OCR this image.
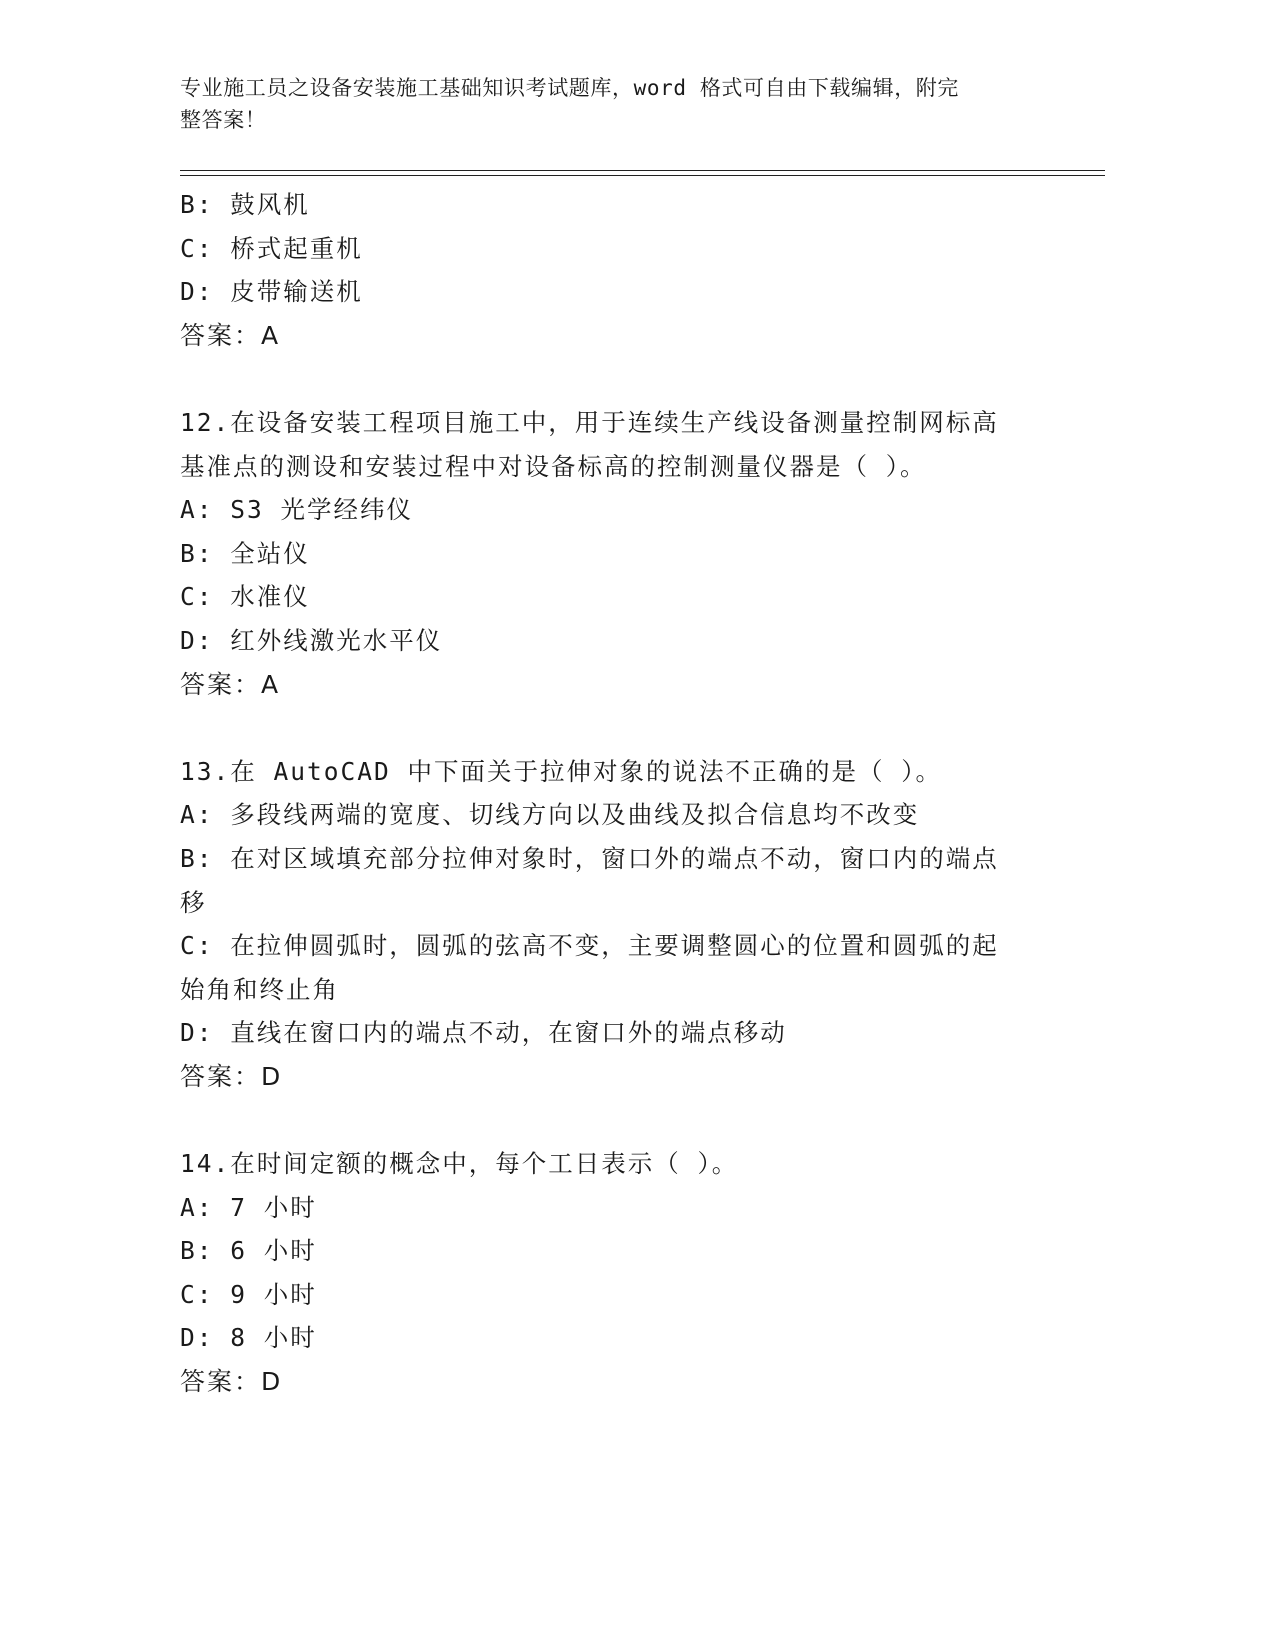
专业施工员之设备安装施工基础知识考试题库，word 格式可自由下载编辑，附完
整答案！
B: 鼓风机
C: 桥式起重机
D: 皮带输送机
答案：A
12.在设备安装工程项目施工中，用于连续生产线设备测量控制网标高
基准点的测设和安装过程中对设备标高的控制测量仪器是（ ）。
A: S3 光学经纬仪
B: 全站仪
C: 水准仪
D: 红外线激光水平仪
答案：A
13.在 AutoCAD 中下面关于拉伸对象的说法不正确的是（ ）。
A: 多段线两端的宽度、切线方向以及曲线及拟合信息均不改变
B: 在对区域填充部分拉伸对象时，窗口外的端点不动，窗口内的端点
移
C: 在拉伸圆弧时，圆弧的弦高不变，主要调整圆心的位置和圆弧的起
始角和终止角
D: 直线在窗口内的端点不动，在窗口外的端点移动
答案：D
14.在时间定额的概念中，每个工日表示（ ）。
A: 7 小时
B: 6 小时
C: 9 小时
D: 8 小时
答案：D
